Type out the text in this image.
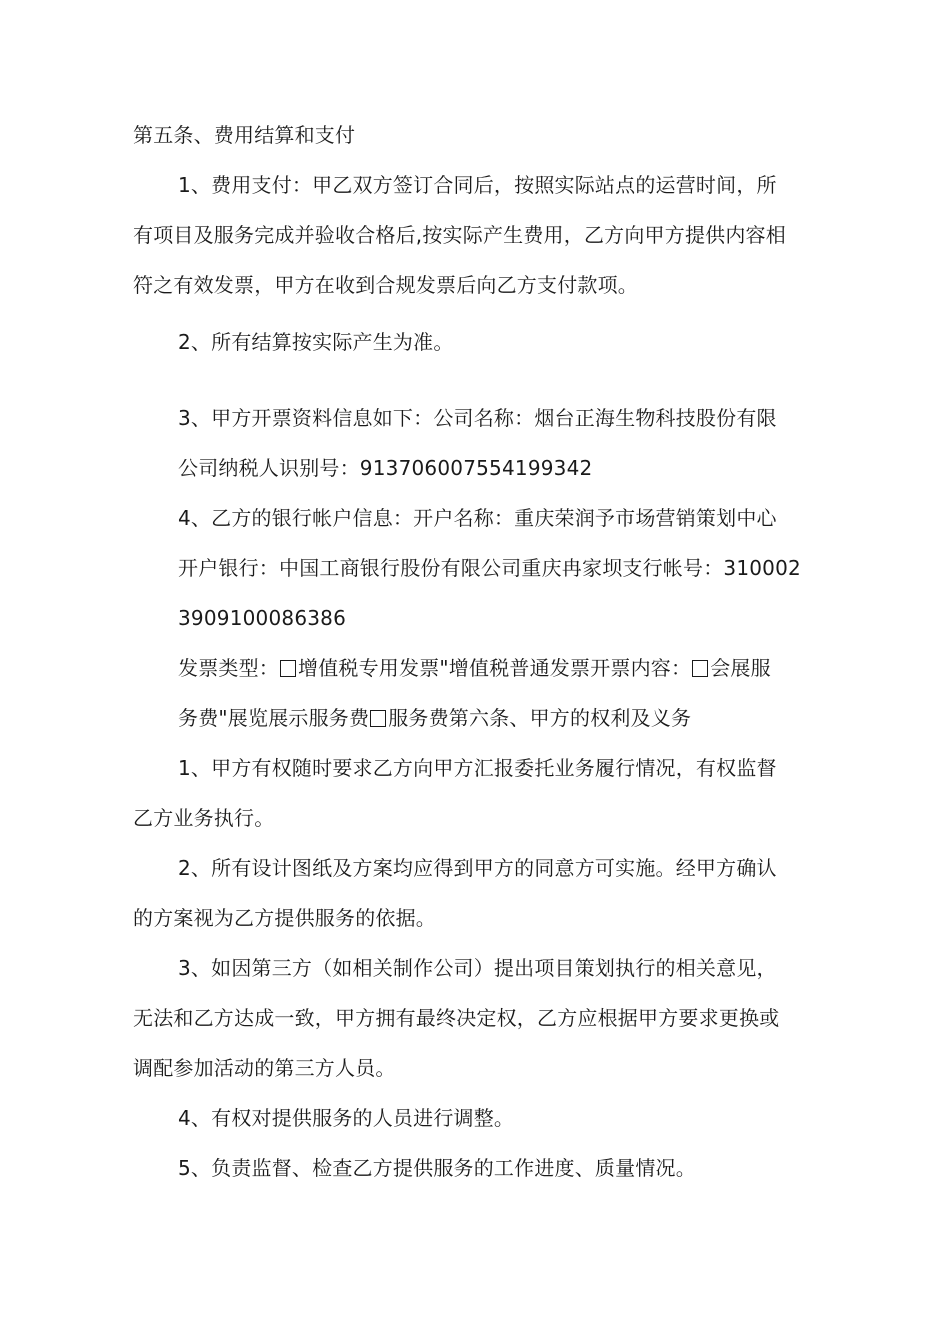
第五条、费用结算和支付
1、费用支付：甲乙双方签订合同后，按照实际站点的运营时间，所
有项目及服务完成并验收合格后,按实际产生费用，乙方向甲方提供内容相
符之有效发票，甲方在收到合规发票后向乙方支付款项。
2、所有结算按实际产生为准。
3、甲方开票资料信息如下：公司名称：烟台正海生物科技股份有限
公司纳税人识别号：913706007554199342
4、乙方的银行帐户信息：开户名称：重庆荣润予市场营销策划中心
开户银行：中国工商银行股份有限公司重庆冉家坝支行帐号：310002
3909100086386
发票类型： 增值税专用发票"增值税普通发票开票内容： 会展服
务费"展览展示服务费 服务费第六条、甲方的权利及义务
1、甲方有权随时要求乙方向甲方汇报委托业务履行情况，有权监督
乙方业务执行。
2、所有设计图纸及方案均应得到甲方的同意方可实施。经甲方确认
的方案视为乙方提供服务的依据。
3、如因第三方（如相关制作公司）提出项目策划执行的相关意见，
无法和乙方达成一致，甲方拥有最终决定权，乙方应根据甲方要求更换或
调配参加活动的第三方人员。
4、有权对提供服务的人员进行调整。
5、负责监督、检查乙方提供服务的工作进度、质量情况。
